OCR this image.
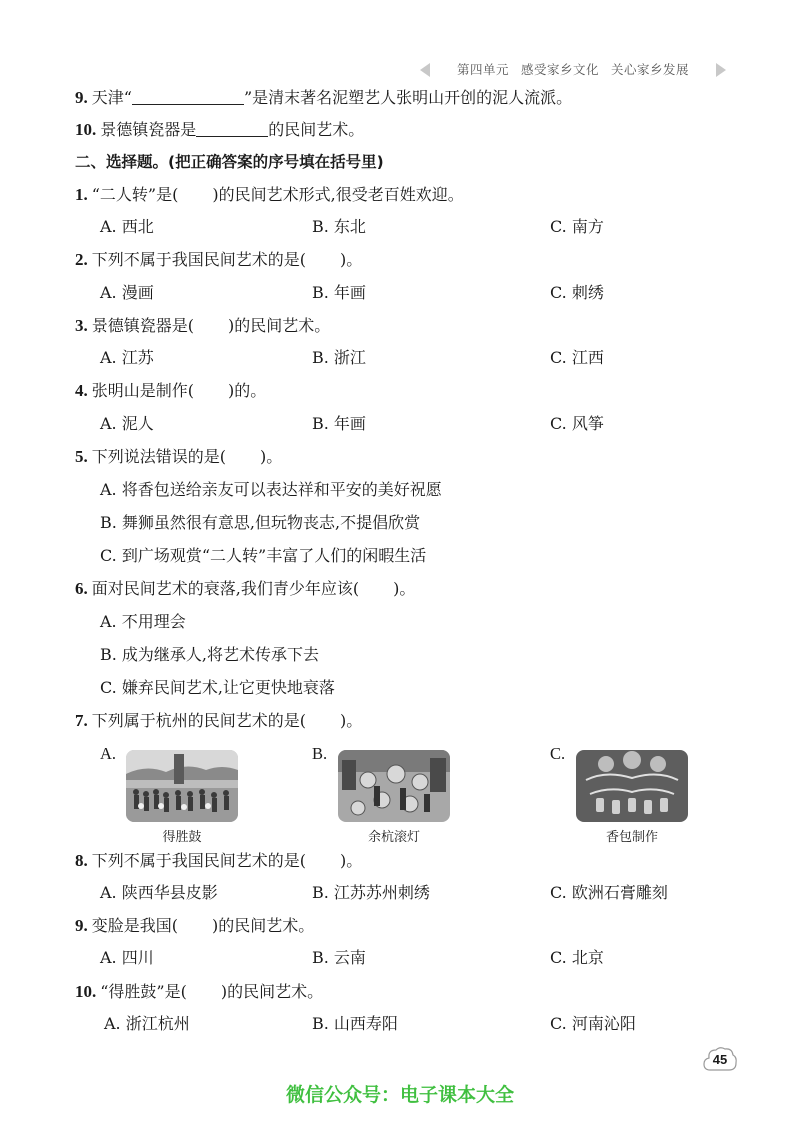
第四单元 感受家乡文化 关心家乡发展
9. 天津“	”是清末著名泥塑艺人张明山开创的泥人流派。
10. 景德镇瓷器是	的民间艺术。
二、选择题。(把正确答案的序号填在括号里)
1. “二人转”是( )的民间艺术形式,很受老百姓欢迎。
A. 西北	B. 东北	C. 南方
2. 下列不属于我国民间艺术的是( )。
A. 漫画	B. 年画	C. 刺绣
3. 景德镇瓷器是( )的民间艺术。
A. 江苏	B. 浙江	C. 江西
4. 张明山是制作( )的。
A. 泥人	B. 年画	C. 风筝
5. 下列说法错误的是( )。
A. 将香包送给亲友可以表达祥和平安的美好祝愿
B. 舞狮虽然很有意思,但玩物丧志,不提倡欣赏
C. 到广场观赏“二人转”丰富了人们的闲暇生活
6. 面对民间艺术的衰落,我们青少年应该( )。
A. 不用理会
B. 成为继承人,将艺术传承下去
C. 嫌弃民间艺术,让它更快地衰落
7. 下列属于杭州的民间艺术的是( )。
A.
得胜鼓
B.
余杭滚灯
C.
香包制作
8. 下列不属于我国民间艺术的是( )。
A. 陕西华县皮影	B. 江苏苏州刺绣	C. 欧洲石膏雕刻
9. 变脸是我国( )的民间艺术。
A. 四川	B. 云南	C. 北京
10. “得胜鼓”是( )的民间艺术。
A. 浙江杭州	B. 山西寿阳	C. 河南沁阳
45
微信公众号：电子课本大全
